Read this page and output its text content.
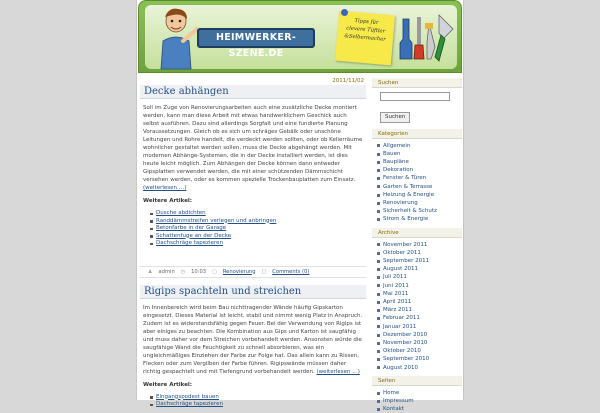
HEIMWERKER-SZENE.DE
Tipps für
clevere Tüftler
&Selbermacher
2011/11/02
Decke abhängen
Soll im Zuge von Renovierungsarbeiten auch eine zusätzliche Decke montiert werden, kann man diese Arbeit mit etwas handwerklichem Geschick auch selbst ausführen. Dazu sind allerdings Sorgfalt und eine fundierte Planung Voraussetzungen. Gleich ob es sich um schräges Gebälk oder unschöne Leitungen und Rohre handelt, die verdeckt werden sollten, oder ob Kellerräume wohnlicher gestaltet werden sollen, muss die Decke abgehängt werden. Mit modernen Abhänge-Systemen, die in der Decke installiert werden, ist dies heute leicht möglich. Zum Abhängen der Decke können dann entweder Gipsplatten verwendet werden, die mit einer schützenden Dämmschicht versehen werden, oder es kommen spezielle Trockenbauplatten zum Einsatz. (weiterlesen …)
Weitere Artikel:
Dusche abdichten
Randdämmstreifen verlegen und anbringen
Betonfarbe in der Garage
Schattenfuge an der Decke
Dachschräge tapezieren
♟ admin ◷ 10:03 ▢ Renovierung □ Comments (0)
Rigips spachteln und streichen
Im Innenbereich wird beim Bau nichttragender Wände häufig Gipskarton eingesetzt. Dieses Material ist leicht, stabil und nimmt wenig Platz in Anspruch. Zudem ist es widerstandsfähig gegen Feuer. Bei der Verwendung von Rigips ist aber einiges zu beachten. Die Kombination aus Gips und Karton ist saugfähig und muss daher vor dem Streichen vorbehandelt werden. Ansonsten würde die saugfähige Wand die Feuchtigkeit zu schnell absorbieren, was ein ungleichmäßiges Einziehen der Farbe zur Folge hat. Das allein kann zu Rissen, Flecken oder zum Vergilben der Farbe führen. Rigipswände müssen daher richtig gespachtelt und mit Tiefengrund vorbehandelt werden. (weiterlesen …)
Weitere Artikel:
Eingangspodest bauen
Dachschräge tapezieren
Suchen
Suchen
Kategorien
Allgemein
Bauen
Baupläne
Dekoration
Fenster & Türen
Garten & Terrasse
Heizung & Energie
Renovierung
Sicherheit & Schutz
Strom & Energie
Archive
November 2011
Oktober 2011
September 2011
August 2011
Juli 2011
Juni 2011
Mai 2011
April 2011
März 2011
Februar 2011
Januar 2011
Dezember 2010
November 2010
Oktober 2010
September 2010
August 2010
Seiten
Home
Impressum
Kontakt
